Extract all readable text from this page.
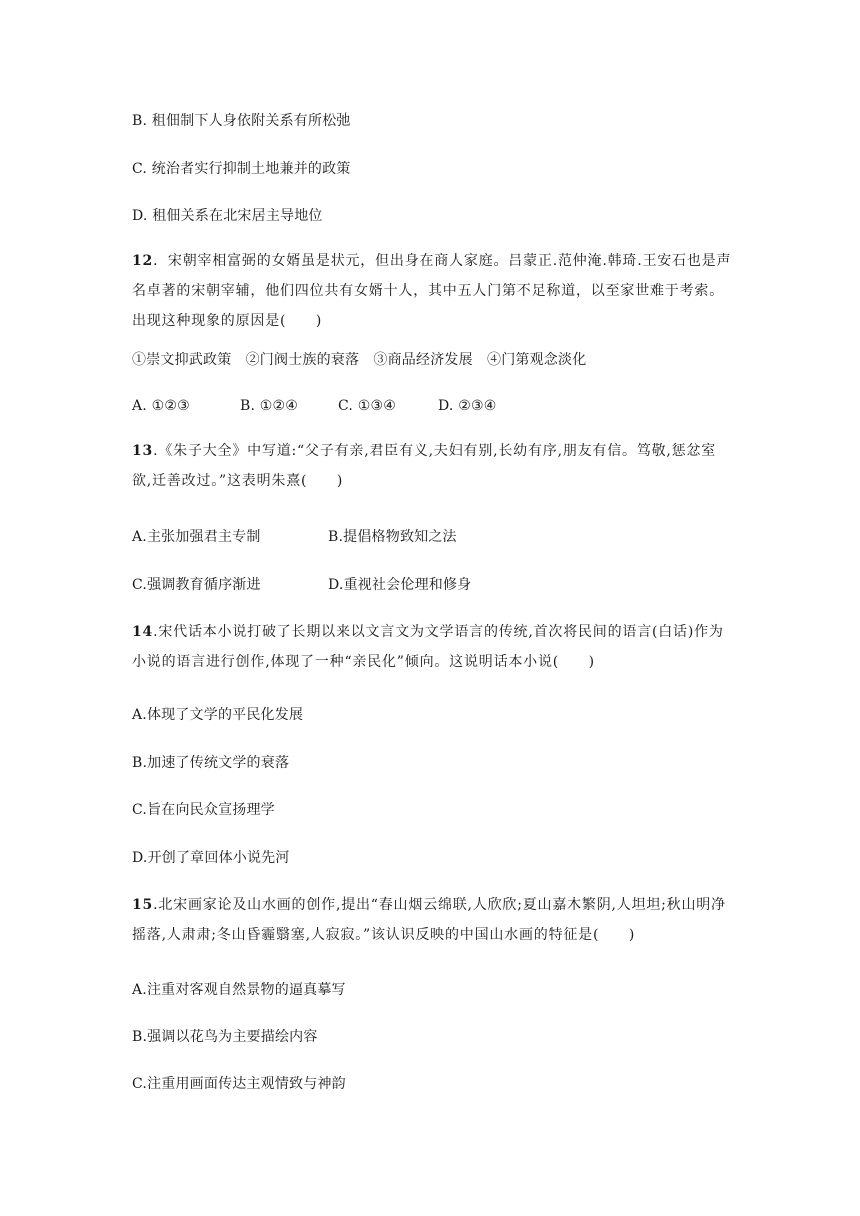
B. 租佃制下人身依附关系有所松弛
C. 统治者实行抑制土地兼并的政策
D. 租佃关系在北宋居主导地位
12．宋朝宰相富弼的女婿虽是状元，但出身在商人家庭。吕蒙正.范仲淹.韩琦.王安石也是声名卓著的宋朝宰辅，他们四位共有女婿十人，其中五人门第不足称道，以至家世难于考索。出现这种现象的原因是(　　)
①崇文抑武政策　②门阀士族的衰落　③商品经济发展　④门第观念淡化
A. ①②③	B. ①②④	C. ①③④	D. ②③④
13.《朱子大全》中写道:“父子有亲,君臣有义,夫妇有别,长幼有序,朋友有信。笃敬,惩忿室欲,迁善改过。”这表明朱熹(　　)
A.主张加强君主专制	B.提倡格物致知之法
C.强调教育循序渐进	D.重视社会伦理和修身
14.宋代话本小说打破了长期以来以文言文为文学语言的传统,首次将民间的语言(白话)作为小说的语言进行创作,体现了一种“亲民化”倾向。这说明话本小说(　　)
A.体现了文学的平民化发展
B.加速了传统文学的衰落
C.旨在向民众宣扬理学
D.开创了章回体小说先河
15.北宋画家论及山水画的创作,提出“春山烟云绵联,人欣欣;夏山嘉木繁阴,人坦坦;秋山明净摇落,人肃肃;冬山昏霾翳塞,人寂寂。”该认识反映的中国山水画的特征是(　　)
A.注重对客观自然景物的逼真摹写
B.强调以花鸟为主要描绘内容
C.注重用画面传达主观情致与神韵
